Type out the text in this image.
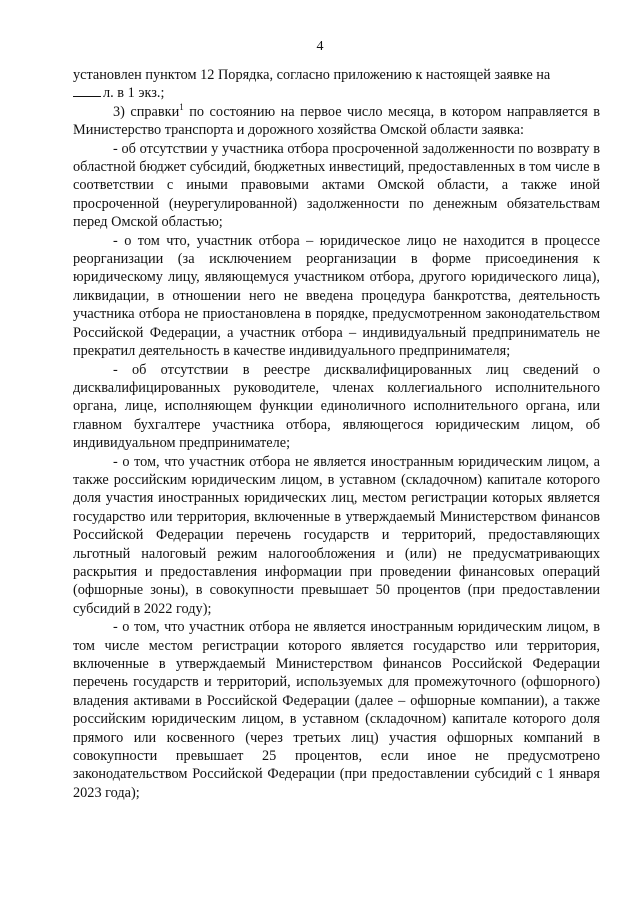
4

установлен пунктом 12 Порядка, согласно приложению к настоящей заявке на
л. в 1 экз.;

3) справки$^1$ по состоянию на первое число месяца, в котором направляется в Министерство транспорта и дорожного хозяйства Омской области заявка:

- об отсутствии у участника отбора просроченной задолженности по возврату в областной бюджет субсидий, бюджетных инвестиций, предоставленных в том числе в соответствии с иными правовыми актами Омской области, а также иной просроченной (неурегулированной) задолженности по денежным обязательствам перед Омской областью;

- о том что, участник отбора – юридическое лицо не находится в процессе реорганизации (за исключением реорганизации в форме присоединения к юридическому лицу, являющемуся участником отбора, другого юридического лица), ликвидации, в отношении него не введена процедура банкротства, деятельность участника отбора не приостановлена в порядке, предусмотренном законодательством Российской Федерации, а участник отбора – индивидуальный предприниматель не прекратил деятельность в качестве индивидуального предпринимателя;

- об отсутствии в реестре дисквалифицированных лиц сведений о дисквалифицированных руководителе, членах коллегиального исполнительного органа, лице, исполняющем функции единоличного исполнительного органа, или главном бухгалтере участника отбора, являющегося юридическим лицом, об индивидуальном предпринимателе;

- о том, что участник отбора не является иностранным юридическим лицом, а также российским юридическим лицом, в уставном (складочном) капитале которого доля участия иностранных юридических лиц, местом регистрации которых является государство или территория, включенные в утверждаемый Министерством финансов Российской Федерации перечень государств и территорий, предоставляющих льготный налоговый режим налогообложения и (или) не предусматривающих раскрытия и предоставления информации при проведении финансовых операций (офшорные зоны), в совокупности превышает 50 процентов (при предоставлении субсидий в 2022 году);

- о том, что участник отбора не является иностранным юридическим лицом, в том числе местом регистрации которого является государство или территория, включенные в утверждаемый Министерством финансов Российской Федерации перечень государств и территорий, используемых для промежуточного (офшорного) владения активами в Российской Федерации (далее – офшорные компании), а также российским юридическим лицом, в уставном (складочном) капитале которого доля прямого или косвенного (через третьих лиц) участия офшорных компаний в совокупности превышает 25 процентов, если иное не предусмотрено законодательством Российской Федерации (при предоставлении субсидий с 1 января 2023 года);
